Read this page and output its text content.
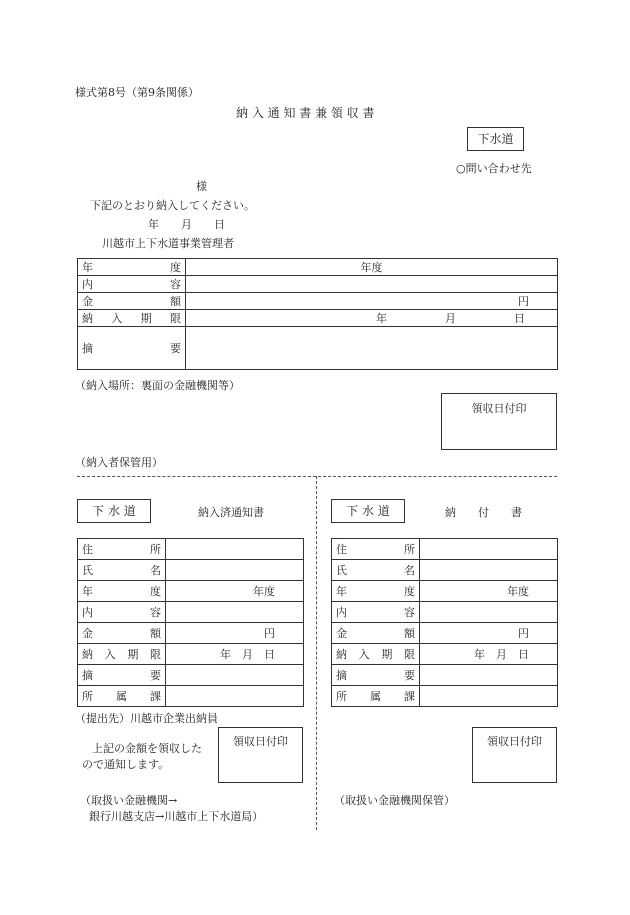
様式第8号（第9条関係）
納 入 通 知 書 兼 領 収 書
下水道
○問い合わせ先
様
下記のとおり納入してください。
年　　月　　日
川越市上下水道事業管理者
年 度	年度

内 容	

金 額	円

納 入 期 限	年 月 日

摘 要	

（納入場所：裏面の金融機関等）
領収日付印
（納入者保管用）
下 水 道	納入済通知書
住 所	

氏 名	

年 度	年度

内 容	

金 額	円

納 入 期 限	年　月　日

摘 要	

所 属 課	

（提出先）川越市企業出納員
上記の金額を領収した
ので通知します。
領収日付印
（取扱い金融機関→
銀行川越支店→川越市上下水道局）
下 水 道	納　　付　　書
住 所	

氏 名	

年 度	年度

内 容	

金 額	円

納 入 期 限	年　月　日

摘 要	

所 属 課	

領収日付印
（取扱い金融機関保管）
